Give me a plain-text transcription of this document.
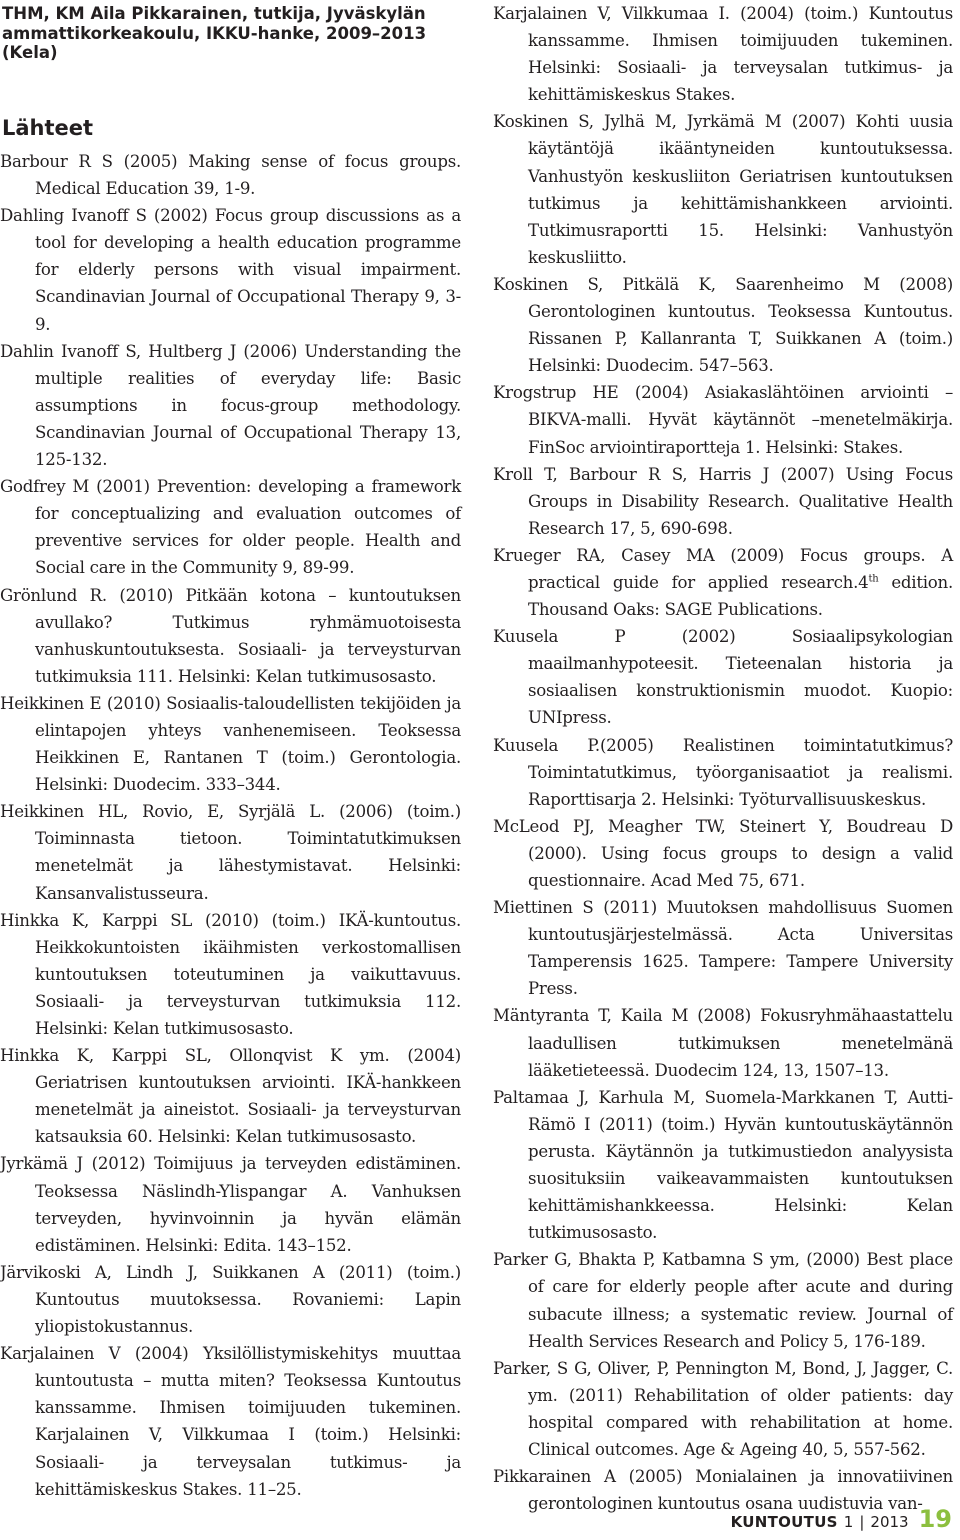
THM, KM Aila Pikkarainen, tutkija, Jyväskylän ammattikorkeakoulu, IKKU-hanke, 2009–2013 (Kela)
Lähteet

Barbour R S (2005) Making sense of focus groups. Medical Education 39, 1-9.

Dahling Ivanoff S (2002) Focus group discussions as a tool for developing a health education programme for elderly persons with visual impairment. Scandinavian Journal of Occupational Therapy 9, 3-9.

Dahlin Ivanoff S, Hultberg J (2006) Understanding the multiple realities of everyday life: Basic assumptions in focus-group methodology. Scandinavian Journal of Occupational Therapy 13, 125-132.

Godfrey M (2001) Prevention: developing a framework for conceptualizing and evaluation outcomes of preventive services for older people. Health and Social care in the Community 9, 89-99.

Grönlund R. (2010) Pitkään kotona – kuntoutuksen avullako? Tutkimus ryhmämuotoisesta vanhuskuntoutuksesta. Sosiaali- ja terveysturvan tutkimuksia 111. Helsinki: Kelan tutkimusosasto.

Heikkinen E (2010) Sosiaalis-taloudellisten tekijöiden ja elintapojen yhteys vanhenemiseen. Teoksessa Heikkinen E, Rantanen T (toim.) Gerontologia. Helsinki: Duodecim. 333–344.

Heikkinen HL, Rovio, E, Syrjälä L. (2006) (toim.) Toiminnasta tietoon. Toimintatutkimuksen menetelmät ja lähestymistavat. Helsinki: Kansanvalistusseura.

Hinkka K, Karppi SL (2010) (toim.) IKÄ-kuntoutus. Heikkokuntoisten ikäihmisten verkostomallisen kuntoutuksen toteutuminen ja vaikuttavuus. Sosiaali- ja terveysturvan tutkimuksia 112. Helsinki: Kelan tutkimusosasto.

Hinkka K, Karppi SL, Ollonqvist K ym. (2004) Geriatrisen kuntoutuksen arviointi. IKÄ-hankkeen menetelmät ja aineistot. Sosiaali- ja terveysturvan katsauksia 60. Helsinki: Kelan tutkimusosasto.

Jyrkämä J (2012) Toimijuus ja terveyden edistäminen. Teoksessa Näslindh-Ylispangar A. Vanhuksen terveyden, hyvinvoinnin ja hyvän elämän edistäminen. Helsinki: Edita. 143–152.

Järvikoski A, Lindh J, Suikkanen A (2011) (toim.) Kuntoutus muutoksessa. Rovaniemi: Lapin yliopistokustannus.

Karjalainen V (2004) Yksilöllistymiskehitys muuttaa kuntoutusta – mutta miten? Teoksessa Kuntoutus kanssamme. Ihmisen toimijuuden tukeminen. Karjalainen V, Vilkkumaa I (toim.) Helsinki: Sosiaali- ja terveysalan tutkimus- ja kehittämiskeskus Stakes. 11–25.

Karjalainen V, Vilkkumaa I. (2004) (toim.) Kuntoutus kanssamme. Ihmisen toimijuuden tukeminen. Helsinki: Sosiaali- ja terveysalan tutkimus- ja kehittämiskeskus Stakes.

Koskinen S, Jylhä M, Jyrkämä M (2007) Kohti uusia käytäntöjä ikääntyneiden kuntoutuksessa. Vanhustyön keskusliiton Geriatrisen kuntoutuksen tutkimus ja kehittämishankkeen arviointi. Tutkimusraportti 15. Helsinki: Vanhustyön keskusliitto.

Koskinen S, Pitkälä K, Saarenheimo M (2008) Gerontologinen kuntoutus. Teoksessa Kuntoutus. Rissanen P, Kallanranta T, Suikkanen A (toim.) Helsinki: Duodecim. 547–563.

Krogstrup HE (2004) Asiakaslähtöinen arviointi – BIKVA-malli. Hyvät käytännöt –menetelmäkirja. FinSoc arviointiraportteja 1. Helsinki: Stakes.

Kroll T, Barbour R S, Harris J (2007) Using Focus Groups in Disability Research. Qualitative Health Research 17, 5, 690-698.

Krueger RA, Casey MA (2009) Focus groups. A practical guide for applied research.4th edition. Thousand Oaks: SAGE Publications.

Kuusela P (2002) Sosiaalipsykologian maailmanhypoteesit. Tieteenalan historia ja sosiaalisen konstruktionismin muodot. Kuopio: UNIpress.

Kuusela P.(2005) Realistinen toimintatutkimus? Toimintatutkimus, työorganisaatiot ja realismi. Raporttisarja 2. Helsinki: Työturvallisuuskeskus.

McLeod PJ, Meagher TW, Steinert Y, Boudreau D (2000). Using focus groups to design a valid questionnaire. Acad Med 75, 671.

Miettinen S (2011) Muutoksen mahdollisuus Suomen kuntoutusjärjestelmässä. Acta Universitas Tamperensis 1625. Tampere: Tampere University Press.

Mäntyranta T, Kaila M (2008) Fokusryhmähaastattelu laadullisen tutkimuksen menetelmänä lääketieteessä. Duodecim 124, 13, 1507–13.

Paltamaa J, Karhula M, Suomela-Markkanen T, Autti-Rämö I (2011) (toim.) Hyvän kuntoutuskäytännön perusta. Käytännön ja tutkimustiedon analyysista suosituksiin vaikeavammaisten kuntoutuksen kehittämishankkeessa. Helsinki: Kelan tutkimusosasto.

Parker G, Bhakta P, Katbamna S ym, (2000) Best place of care for elderly people after acute and during subacute illness; a systematic review. Journal of Health Services Research and Policy 5, 176-189.

Parker, S G, Oliver, P, Pennington M, Bond, J, Jagger, C. ym. (2011) Rehabilitation of older patients: day hospital compared with rehabilitation at home. Clinical outcomes. Age & Ageing 40, 5, 557-562.

Pikkarainen A (2005) Monialainen ja innovatiivinen gerontologinen kuntoutus osana uudistuvia van-

KUNTOUTUS 1 | 2013 19
